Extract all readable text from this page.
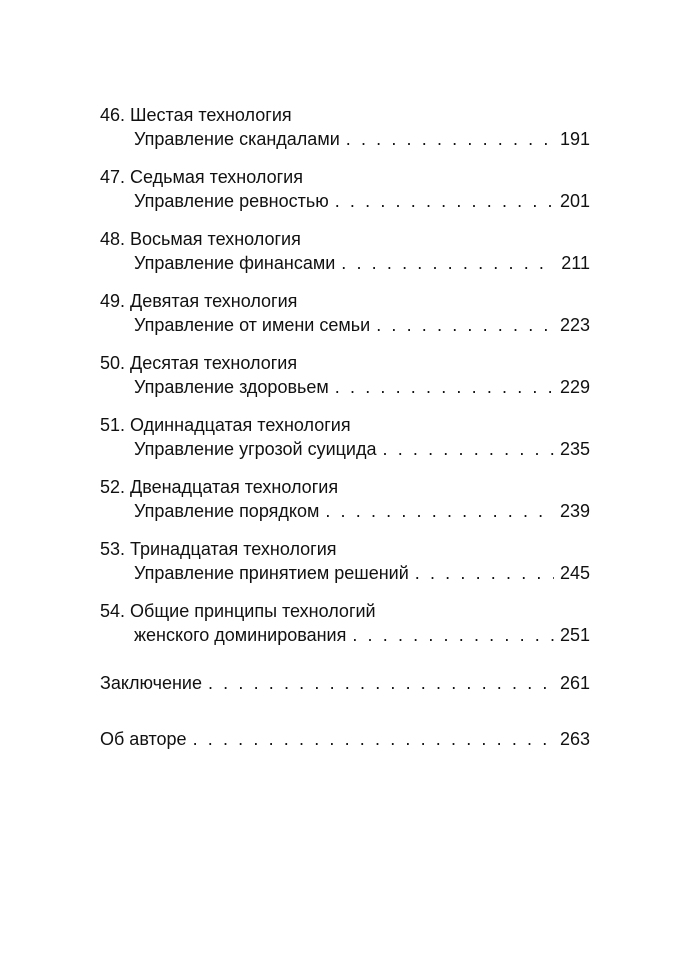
46. Шестая технология
Управление скандалами . . .	191
47. Седьмая технология
Управление ревностью . . .	201
48. Восьмая технология
Управление финансами . . .	211
49. Девятая технология
Управление от имени семьи . . .	223
50. Десятая технология
Управление здоровьем . . .	229
51. Одиннадцатая технология
Управление угрозой суицида . . .	235
52. Двенадцатая технология
Управление порядком . . .	239
53. Тринадцатая технология
Управление принятием решений . . .	245
54. Общие принципы технологий
женского доминирования . . .	251
Заключение . . .	261
Об авторе . . .	263
